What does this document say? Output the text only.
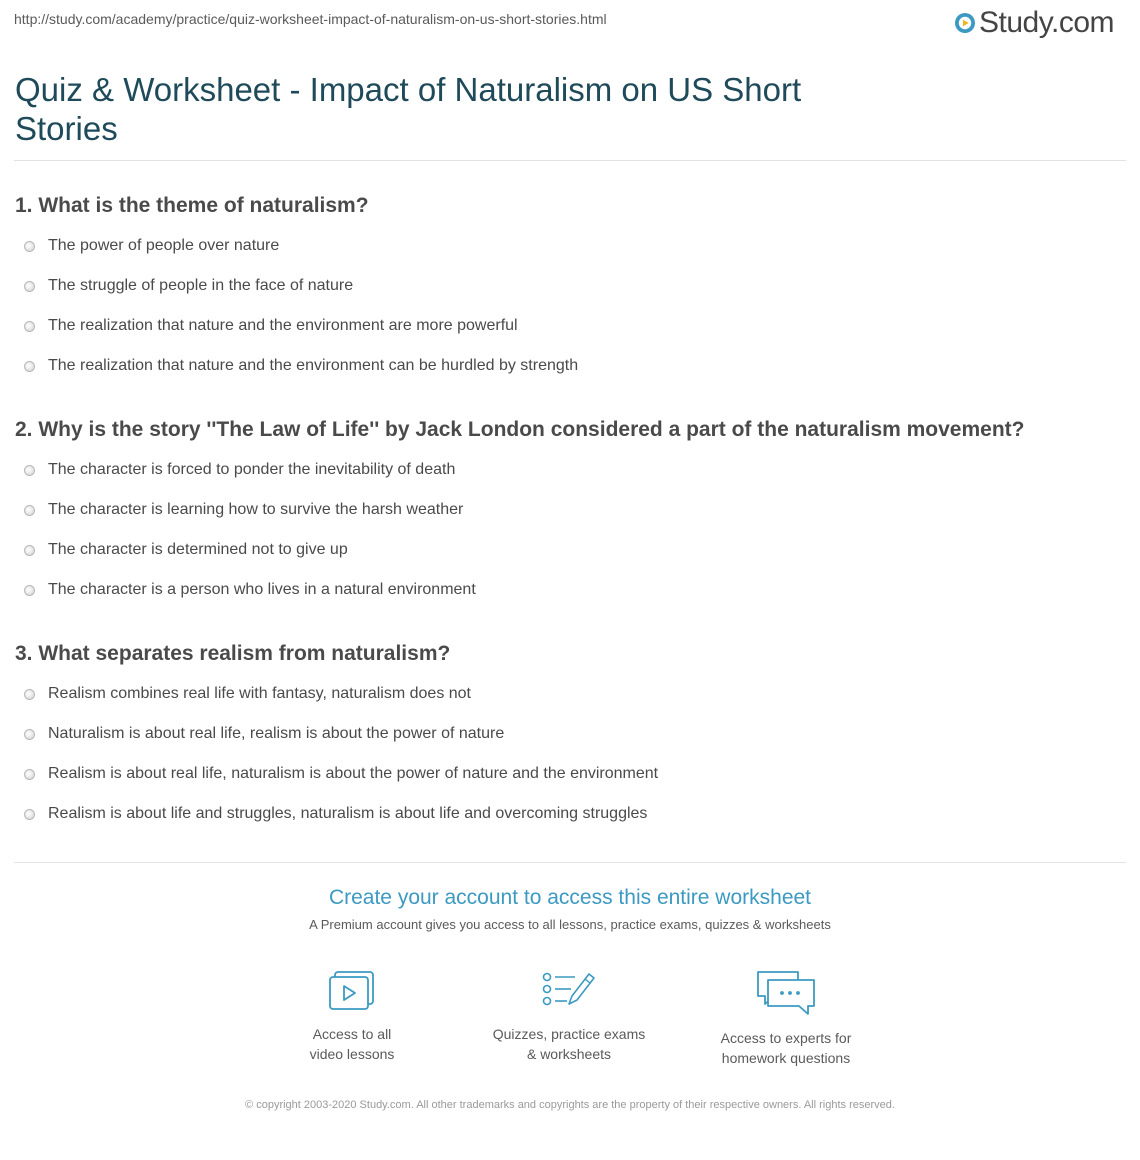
http://study.com/academy/practice/quiz-worksheet-impact-of-naturalism-on-us-short-stories.html	Study.com
Quiz & Worksheet - Impact of Naturalism on US Short Stories
1. What is the theme of naturalism?
The power of people over nature
The struggle of people in the face of nature
The realization that nature and the environment are more powerful
The realization that nature and the environment can be hurdled by strength
2. Why is the story ''The Law of Life'' by Jack London considered a part of the naturalism movement?
The character is forced to ponder the inevitability of death
The character is learning how to survive the harsh weather
The character is determined not to give up
The character is a person who lives in a natural environment
3. What separates realism from naturalism?
Realism combines real life with fantasy, naturalism does not
Naturalism is about real life, realism is about the power of nature
Realism is about real life, naturalism is about the power of nature and the environment
Realism is about life and struggles, naturalism is about life and overcoming struggles
Create your account to access this entire worksheet
A Premium account gives you access to all lessons, practice exams, quizzes & worksheets
Access to all
video lessons
Quizzes, practice exams
& worksheets
Access to experts for
homework questions
© copyright 2003-2020 Study.com. All other trademarks and copyrights are the property of their respective owners. All rights reserved.
